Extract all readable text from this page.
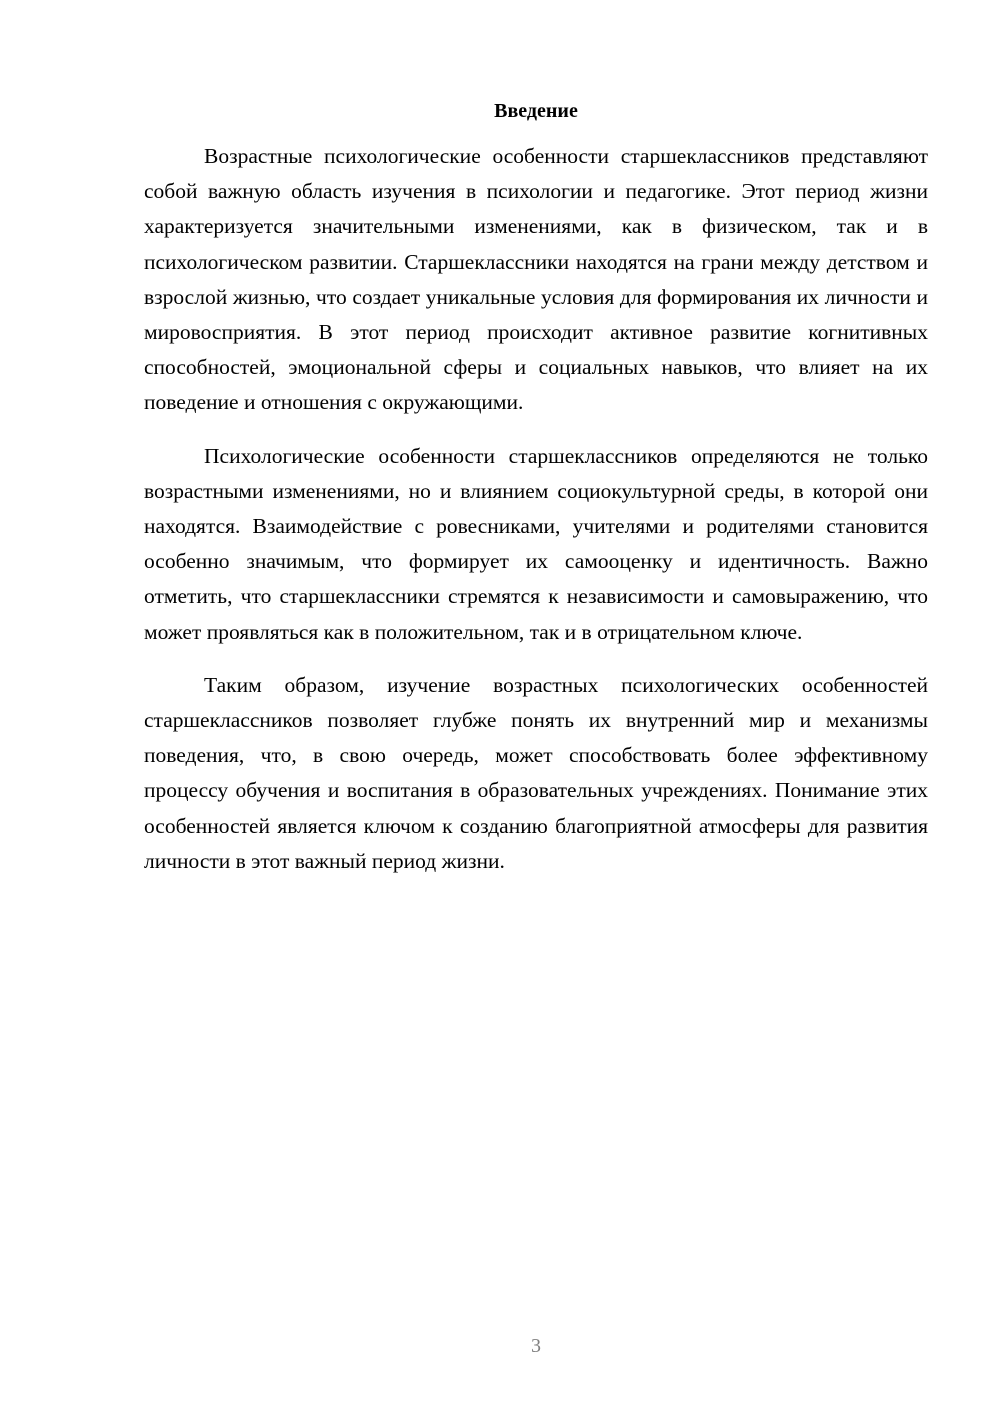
Введение

Возрастные психологические особенности старшеклассников представляют собой важную область изучения в психологии и педагогике. Этот период жизни характеризуется значительными изменениями, как в физическом, так и в психологическом развитии. Старшеклассники находятся на грани между детством и взрослой жизнью, что создает уникальные условия для формирования их личности и мировосприятия. В этот период происходит активное развитие когнитивных способностей, эмоциональной сферы и социальных навыков, что влияет на их поведение и отношения с окружающими.

Психологические особенности старшеклассников определяются не только возрастными изменениями, но и влиянием социокультурной среды, в которой они находятся. Взаимодействие с ровесниками, учителями и родителями становится особенно значимым, что формирует их самооценку и идентичность. Важно отметить, что старшеклассники стремятся к независимости и самовыражению, что может проявляться как в положительном, так и в отрицательном ключе.

Таким образом, изучение возрастных психологических особенностей старшеклассников позволяет глубже понять их внутренний мир и механизмы поведения, что, в свою очередь, может способствовать более эффективному процессу обучения и воспитания в образовательных учреждениях. Понимание этих особенностей является ключом к созданию благоприятной атмосферы для развития личности в этот важный период жизни.

3
